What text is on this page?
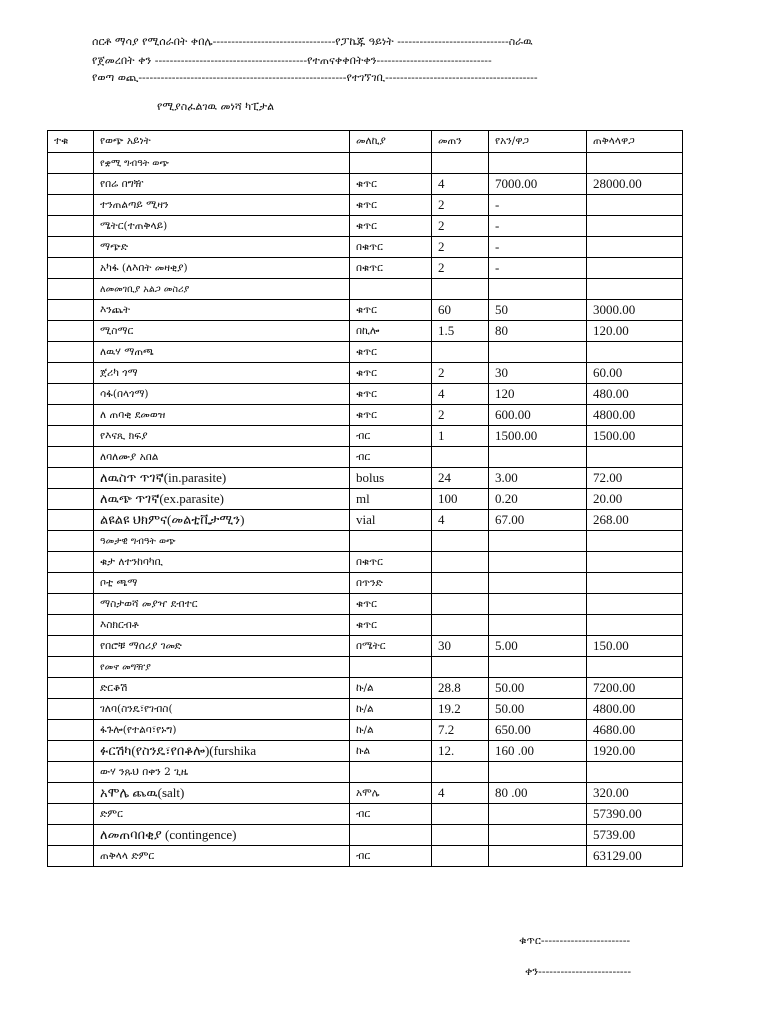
ሰርቶ ማሳያ የሚሰራበት ቀበሌ---------------------------------የፓኬጁ ዓይነት ------------------------------ስራዉ
የጀመረበት ቀን -----------------------------------------የተጠናቀቀበትቀን-------------------------------
የወጣ ወጪ--------------------------------------------------------የተገኘገቢ-----------------------------------------
የሚያስፈልገዉ መነሻ ካፒታል
ተቁ	የወጭ አይነት	መለኪያ	መጠን	የአን/ዋጋ	ጠቅላላዋጋ
	የቋሚ ግብዓት ወጭ				
	የበሬ በግዥ	ቁጥር	4	7000.00	28000.00
	ተንጠልጣይ ሚዛን	ቁጥር	2	-	
	ሜትር(ተጠቅላይ)	ቁጥር	2	-	
	ማጭድ	በቁጥር	2	-	
	አካፋ (ለእበት መዛቂያ)	በቁጥር	2	-	
	ለመመገቢያ አልጋ መስሪያ				
	እንጨት	ቁጥር	60	50	3000.00
	ሚስማር	በኪሎ	1.5	80	120.00
	ለዉሃ ማጠጫ	ቁጥር			
	ጀሪካ ጎማ	ቁጥር	2	30	60.00
	ሳፋ(በላጎማ)	ቁጥር	4	120	480.00
	ለ ጠባቂ ደመወዝ	ቁጥር	2	600.00	4800.00
	የእናጺ ክፍያ	ብር	1	1500.00	1500.00
	ለባለሙያ አበል	ብር			
	ለዉስጥ ጥገኛ(in.parasite)	bolus	24	3.00	72.00
	ለዉጭ ጥገኛ(ex.parasite)	ml	100	0.20	20.00
	ልዩልዩ ህክምና(መልቲቪታሚን)	vial	4	67.00	268.00
	ዓመታዊ ግብዓት ወጭ				
	ቁታ ለተንከባካቢ	በቁጥር			
	ቦቲ ጫማ	በጥንድ			
	ማስታወሻ መያዣ ደብተር	ቁጥር			
	እስክርብቶ	ቁጥር			
	የበሮቹ ማሰሪያ ገመድ	በሜትር	30	5.00	150.00
	የመኖ መግዥያ				
	ድርቆሽ	ኩ/ል	28.8	50.00	7200.00
	ገለባ(ስንዴ፣የገብስ(	ኩ/ል	19.2	50.00	4800.00
	ፋጉሎ(የተልባ፣የኑግ)	ኩ/ል	7.2	650.00	4680.00
	ፉርሽካ(የስንዴ፣የበቆሎ)(furshika	ኩል	12.	160 .00	1920.00
	ውሃ ንጹህ በቀን 2 ጊዜ				
	አሞሌ ጨዉ(salt)	አሞሌ	4	80 .00	320.00
	ድምር	ብር			57390.00
	ለመጠባበቂያ (contingence)				5739.00
	ጠቅላላ ድምር	ብር			63129.00
ቁጥር------------------------
ቀን-------------------------
